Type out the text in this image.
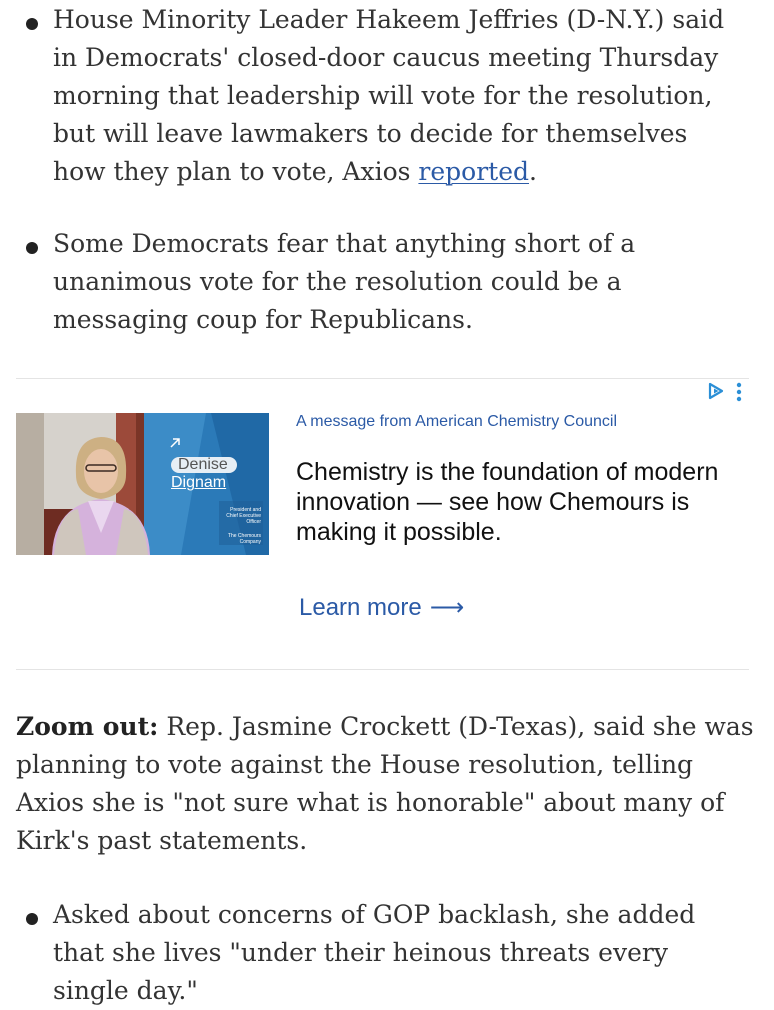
House Minority Leader Hakeem Jeffries (D-N.Y.) said in Democrats' closed-door caucus meeting Thursday morning that leadership will vote for the resolution, but will leave lawmakers to decide for themselves how they plan to vote, Axios reported.
Some Democrats fear that anything short of a unanimous vote for the resolution could be a messaging coup for Republicans.
Denise
Dignam
President and Chief Executive Officer
The Chemours Company
A message from American Chemistry Council
Chemistry is the foundation of modern innovation — see how Chemours is making it possible.
Learn more ⟶

Zoom out: Rep. Jasmine Crockett (D-Texas), said she was planning to vote against the House resolution, telling Axios she is "not sure what is honorable" about many of Kirk's past statements.

Asked about concerns of GOP backlash, she added that she lives "under their heinous threats every single day."
